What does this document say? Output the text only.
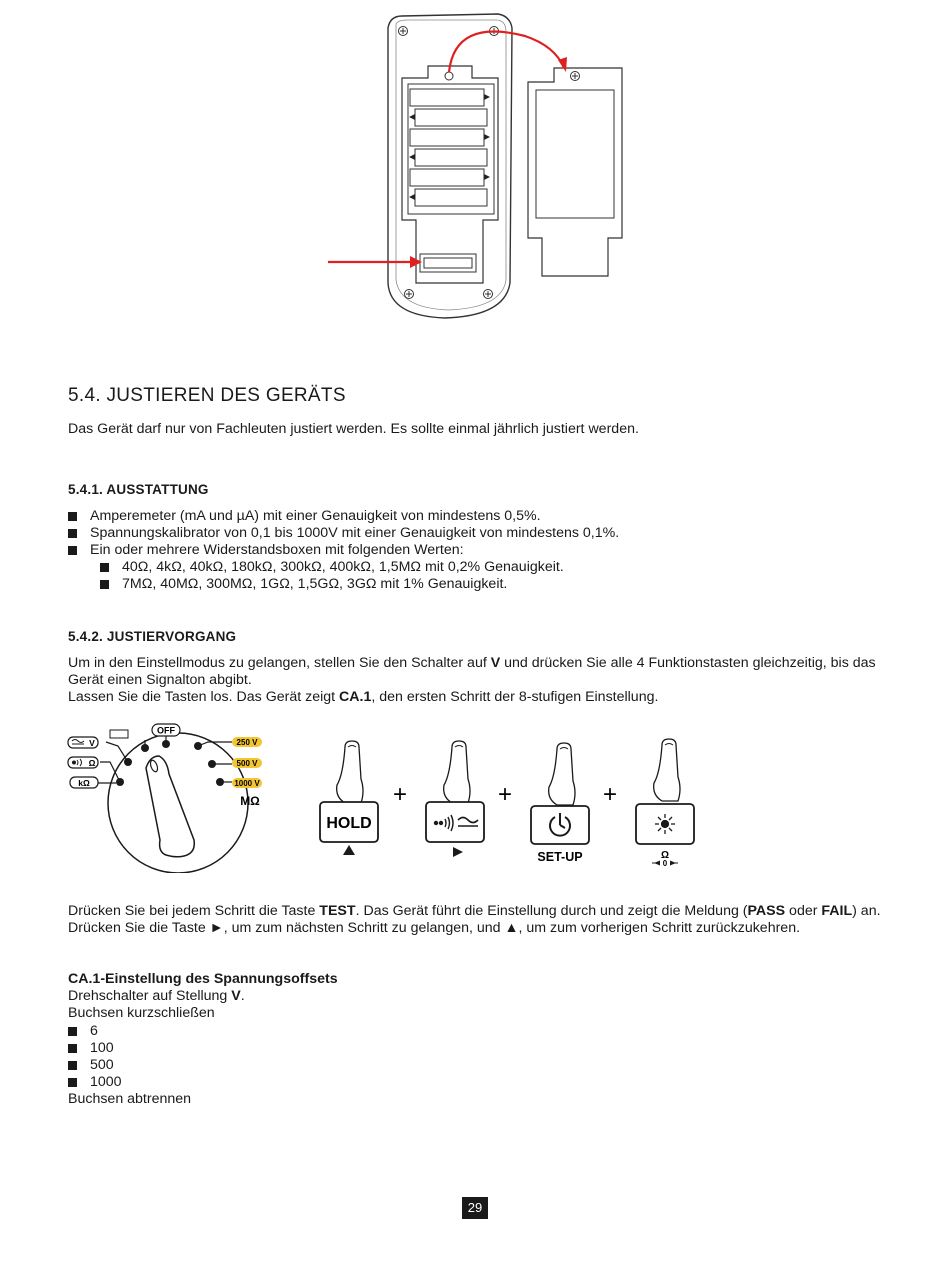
5.4. JUSTIEREN DES GERÄTS
Das Gerät darf nur von Fachleuten justiert werden. Es sollte einmal jährlich justiert werden.
5.4.1. AUSSTATTUNG
Amperemeter (mA und µA) mit einer Genauigkeit von mindestens 0,5%.
Spannungskalibrator von 0,1 bis 1000V mit einer Genauigkeit von mindestens 0,1%.
Ein oder mehrere Widerstandsboxen mit folgenden Werten:
40Ω, 4kΩ, 40kΩ, 180kΩ, 300kΩ, 400kΩ, 1,5MΩ mit 0,2% Genauigkeit.
7MΩ, 40MΩ, 300MΩ, 1GΩ, 1,5GΩ, 3GΩ mit 1% Genauigkeit.
5.4.2. JUSTIERVORGANG
Um in den Einstellmodus zu gelangen, stellen Sie den Schalter auf V und drücken Sie alle 4 Funktionstasten gleichzeitig, bis das
Gerät einen Signalton abgibt.
Lassen Sie die Tasten los. Das Gerät zeigt CA.1, den ersten Schritt der 8-stufigen Einstellung.
OFF
V
Ω
kΩ
250 V
500 V
1000 V
MΩ
HOLD
+	+
SET-UP
+
Ω
0
Drücken Sie bei jedem Schritt die Taste TEST. Das Gerät führt die Einstellung durch und zeigt die Meldung (PASS oder FAIL) an.
Drücken Sie die Taste ►, um zum nächsten Schritt zu gelangen, und ▲, um zum vorherigen Schritt zurückzukehren.
CA.1-Einstellung des Spannungsoffsets
Drehschalter auf Stellung V.
Buchsen kurzschließen
6
100
500
1000
Buchsen abtrennen
29
